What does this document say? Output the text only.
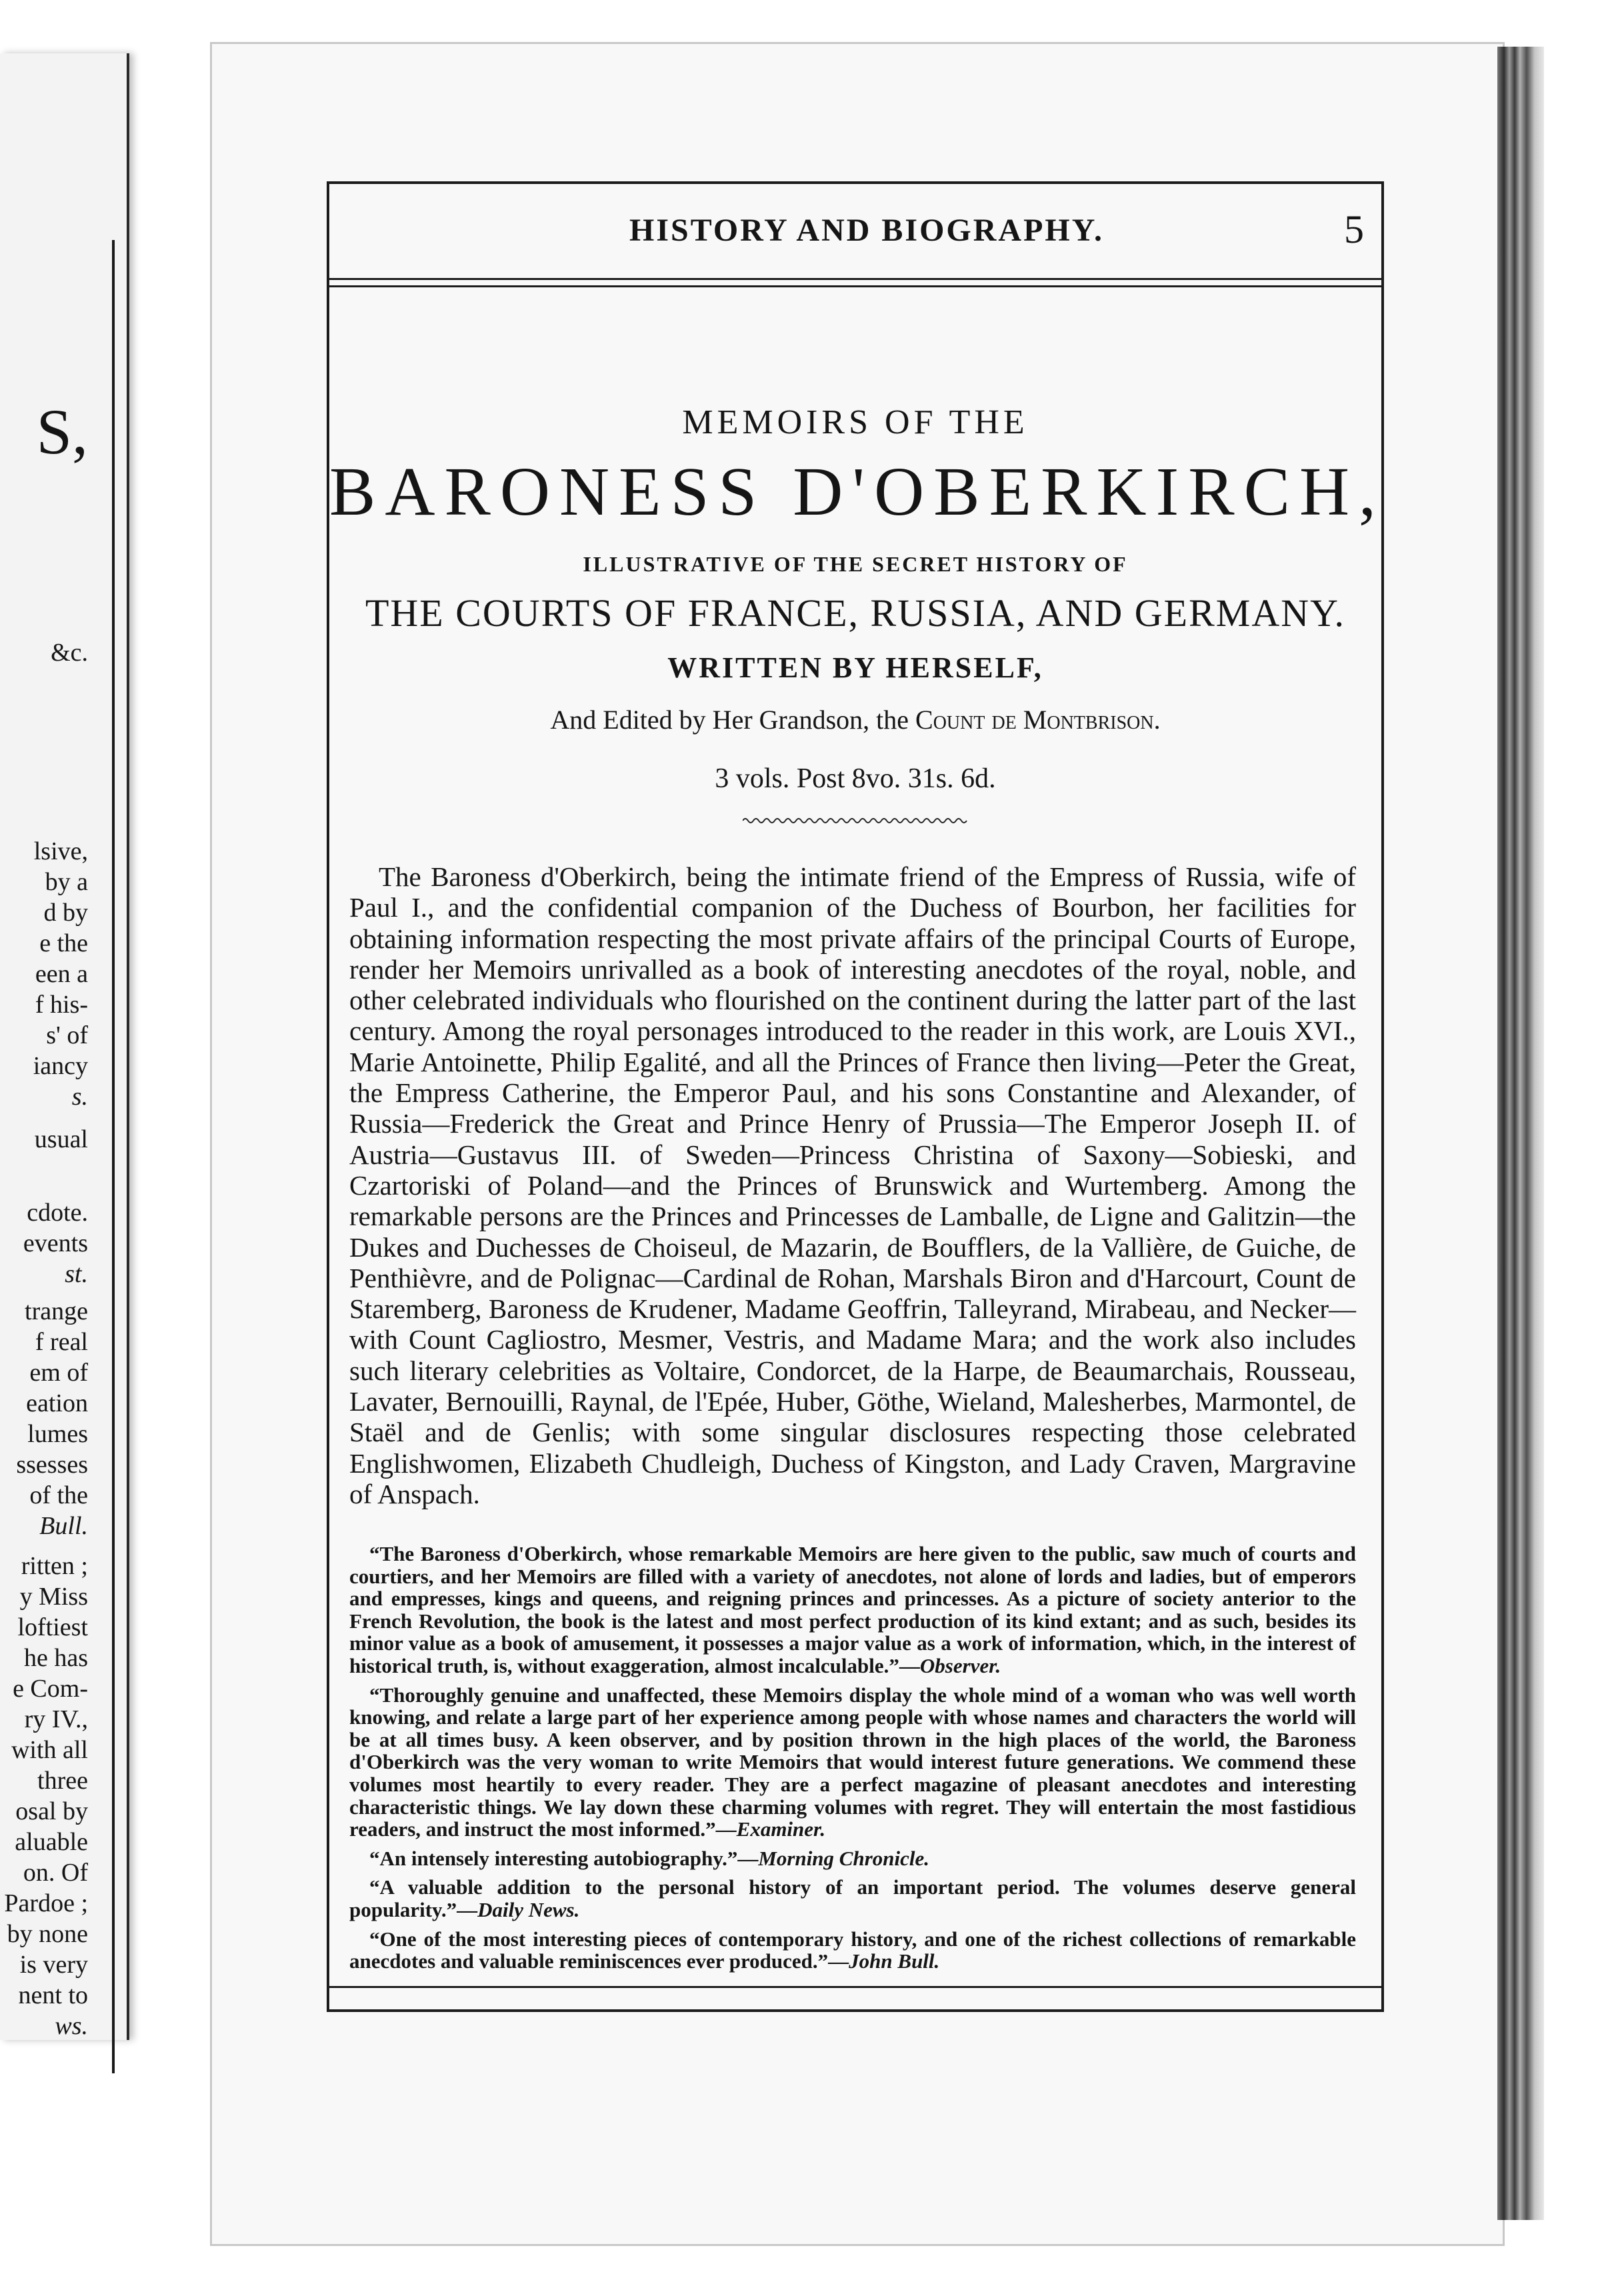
S,
&c.
lsive,
by a
d by
e the
een a
f his-
s' of
iancy
s.
usual
cdote.
events
st.
trange
f real
em of
eation
lumes
ssesses
of the
Bull.
ritten ;
y Miss
loftiest
he has
e Com-
ry IV.,
with all
three
osal by
aluable
on. Of
Pardoe ;
by none
is very
nent to
ws.
HISTORY AND BIOGRAPHY.	5
MEMOIRS OF THE
BARONESS D'OBERKIRCH,
ILLUSTRATIVE OF THE SECRET HISTORY OF
THE COURTS OF FRANCE, RUSSIA, AND GERMANY.
WRITTEN BY HERSELF,
And Edited by Her Grandson, the Count de Montbrison.
3 vols. Post 8vo. 31s. 6d.

The Baroness d'Oberkirch, being the intimate friend of the Empress of Russia, wife of Paul I., and the confidential companion of the Duchess of Bourbon, her facilities for obtaining information respecting the most private affairs of the principal Courts of Europe, render her Memoirs unrivalled as a book of interesting anecdotes of the royal, noble, and other celebrated individuals who flourished on the continent during the latter part of the last century. Among the royal personages introduced to the reader in this work, are Louis XVI., Marie Antoinette, Philip Egalité, and all the Princes of France then living—Peter the Great, the Empress Catherine, the Emperor Paul, and his sons Constantine and Alexander, of Russia—Frederick the Great and Prince Henry of Prussia—The Emperor Joseph II. of Austria—Gustavus III. of Sweden—Princess Christina of Saxony—Sobieski, and Czartoriski of Poland—and the Princes of Brunswick and Wurtemberg. Among the remarkable persons are the Princes and Princesses de Lamballe, de Ligne and Galitzin—the Dukes and Duchesses de Choiseul, de Mazarin, de Boufflers, de la Vallière, de Guiche, de Penthièvre, and de Polignac—Cardinal de Rohan, Marshals Biron and d'Harcourt, Count de Staremberg, Baroness de Krudener, Madame Geoffrin, Talleyrand, Mirabeau, and Necker—with Count Cagliostro, Mesmer, Vestris, and Madame Mara; and the work also includes such literary celebrities as Voltaire, Condorcet, de la Harpe, de Beaumarchais, Rousseau, Lavater, Bernouilli, Raynal, de l'Epée, Huber, Göthe, Wieland, Malesherbes, Marmontel, de Staël and de Genlis; with some singular disclosures respecting those celebrated Englishwomen, Elizabeth Chudleigh, Duchess of Kingston, and Lady Craven, Margravine of Anspach.

“The Baroness d'Oberkirch, whose remarkable Memoirs are here given to the public, saw much of courts and courtiers, and her Memoirs are filled with a variety of anecdotes, not alone of lords and ladies, but of emperors and empresses, kings and queens, and reigning princes and princesses. As a picture of society anterior to the French Revolution, the book is the latest and most perfect production of its kind extant; and as such, besides its minor value as a book of amusement, it possesses a major value as a work of information, which, in the interest of historical truth, is, without exaggeration, almost incalculable.”—Observer.

“Thoroughly genuine and unaffected, these Memoirs display the whole mind of a woman who was well worth knowing, and relate a large part of her experience among people with whose names and characters the world will be at all times busy. A keen observer, and by position thrown in the high places of the world, the Baroness d'Oberkirch was the very woman to write Memoirs that would interest future generations. We commend these volumes most heartily to every reader. They are a perfect magazine of pleasant anecdotes and interesting characteristic things. We lay down these charming volumes with regret. They will entertain the most fastidious readers, and instruct the most informed.”—Examiner.

“An intensely interesting autobiography.”—Morning Chronicle.

“A valuable addition to the personal history of an important period. The volumes deserve general popularity.”—Daily News.

“One of the most interesting pieces of contemporary history, and one of the richest collections of remarkable anecdotes and valuable reminiscences ever produced.”—John Bull.
